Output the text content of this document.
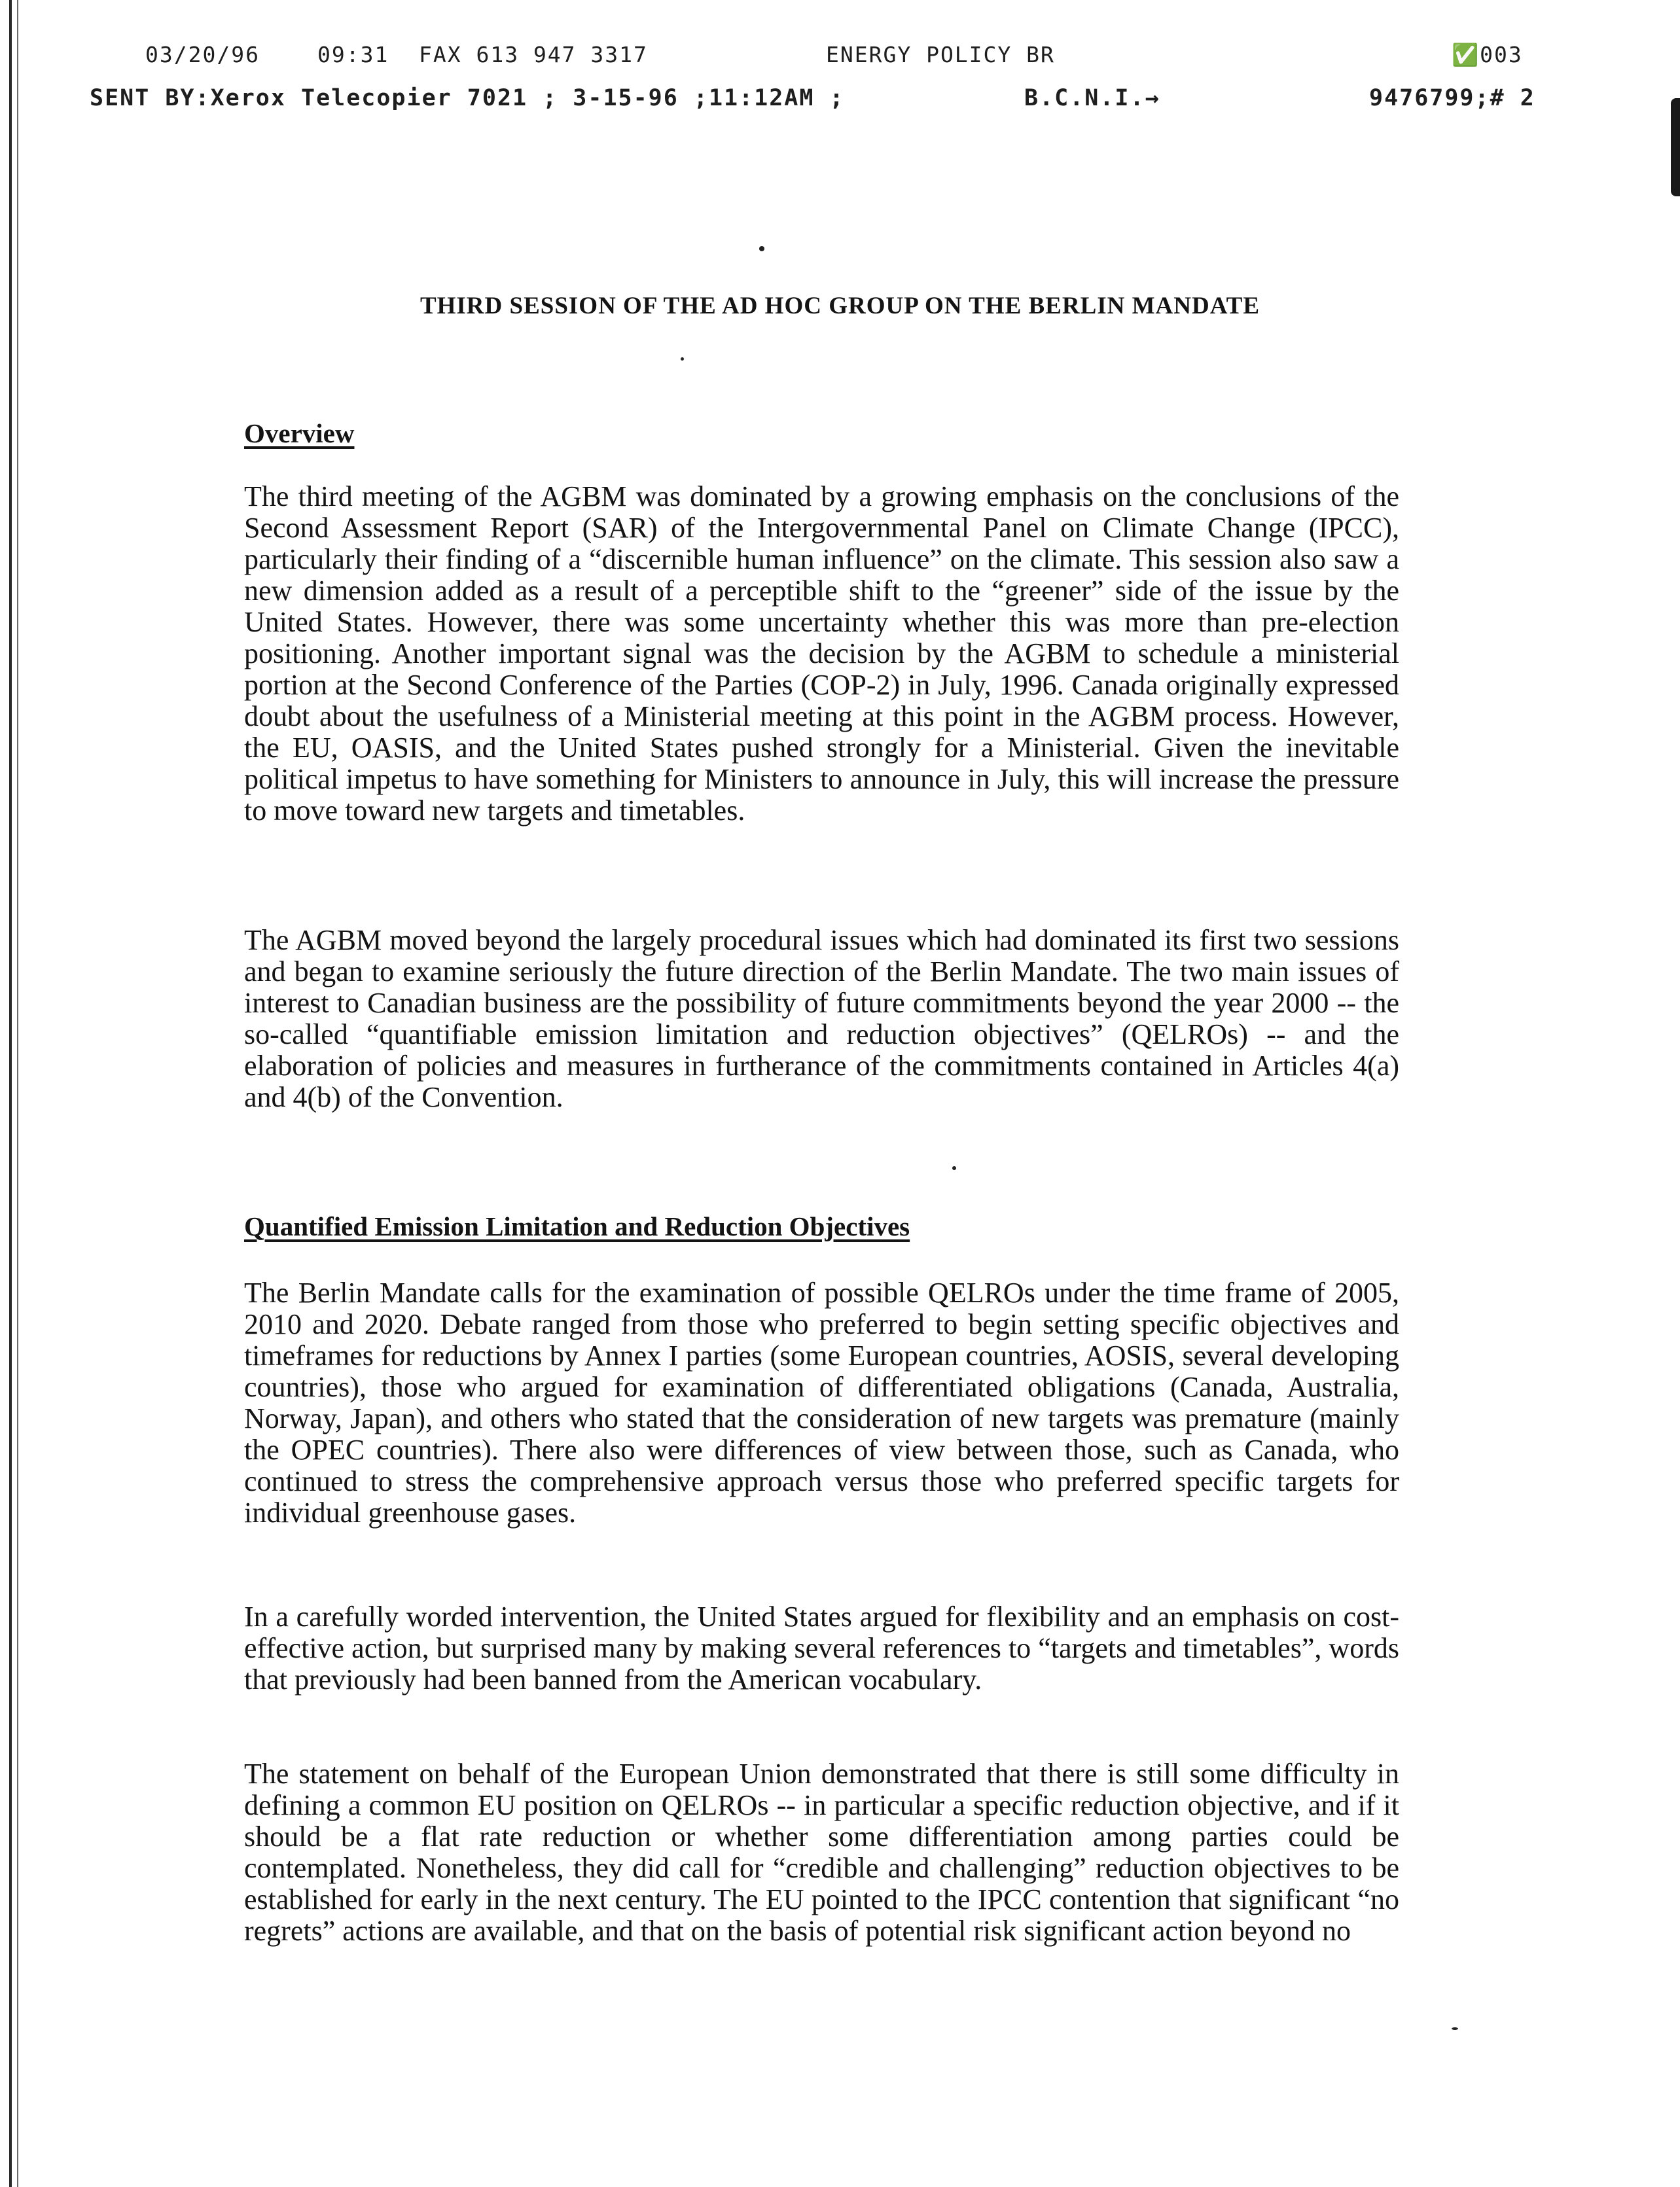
03/20/96	09:31 FAX 613 947 3317	ENERGY POLICY BR	✅003
SENT BY:Xerox Telecopier 7021 ; 3-15-96 ;11:12AM ;	B.C.N.I.→	9476799;# 2
THIRD SESSION OF THE AD HOC GROUP ON THE BERLIN MANDATE
Overview

The third meeting of the AGBM was dominated by a growing emphasis on the conclusions of the Second Assessment Report (SAR) of the Intergovernmental Panel on Climate Change (IPCC), particularly their finding of a “discernible human influence” on the climate. This session also saw a new dimension added as a result of a perceptible shift to the “greener” side of the issue by the United States. However, there was some uncertainty whether this was more than pre-election positioning. Another important signal was the decision by the AGBM to schedule a ministerial portion at the Second Conference of the Parties (COP-2) in July, 1996. Canada originally expressed doubt about the usefulness of a Ministerial meeting at this point in the AGBM process. However, the EU, OASIS, and the United States pushed strongly for a Ministerial. Given the inevitable political impetus to have something for Ministers to announce in July, this will increase the pressure to move toward new targets and timetables.

The AGBM moved beyond the largely procedural issues which had dominated its first two sessions and began to examine seriously the future direction of the Berlin Mandate. The two main issues of interest to Canadian business are the possibility of future commitments beyond the year 2000 -- the so-called “quantifiable emission limitation and reduction objectives” (QELROs) -- and the elaboration of policies and measures in furtherance of the commitments contained in Articles 4(a) and 4(b) of the Convention.

Quantified Emission Limitation and Reduction Objectives

The Berlin Mandate calls for the examination of possible QELROs under the time frame of 2005, 2010 and 2020. Debate ranged from those who preferred to begin setting specific objectives and timeframes for reductions by Annex I parties (some European countries, AOSIS, several developing countries), those who argued for examination of differentiated obligations (Canada, Australia, Norway, Japan), and others who stated that the consideration of new targets was premature (mainly the OPEC countries). There also were differences of view between those, such as Canada, who continued to stress the comprehensive approach versus those who preferred specific targets for individual greenhouse gases.

In a carefully worded intervention, the United States argued for flexibility and an emphasis on cost-effective action, but surprised many by making several references to “targets and timetables”, words that previously had been banned from the American vocabulary.

The statement on behalf of the European Union demonstrated that there is still some difficulty in defining a common EU position on QELROs -- in particular a specific reduction objective, and if it should be a flat rate reduction or whether some differentiation among parties could be contemplated. Nonetheless, they did call for “credible and challenging” reduction objectives to be established for early in the next century. The EU pointed to the IPCC contention that significant “no regrets” actions are available, and that on the basis of potential risk significant action beyond no
